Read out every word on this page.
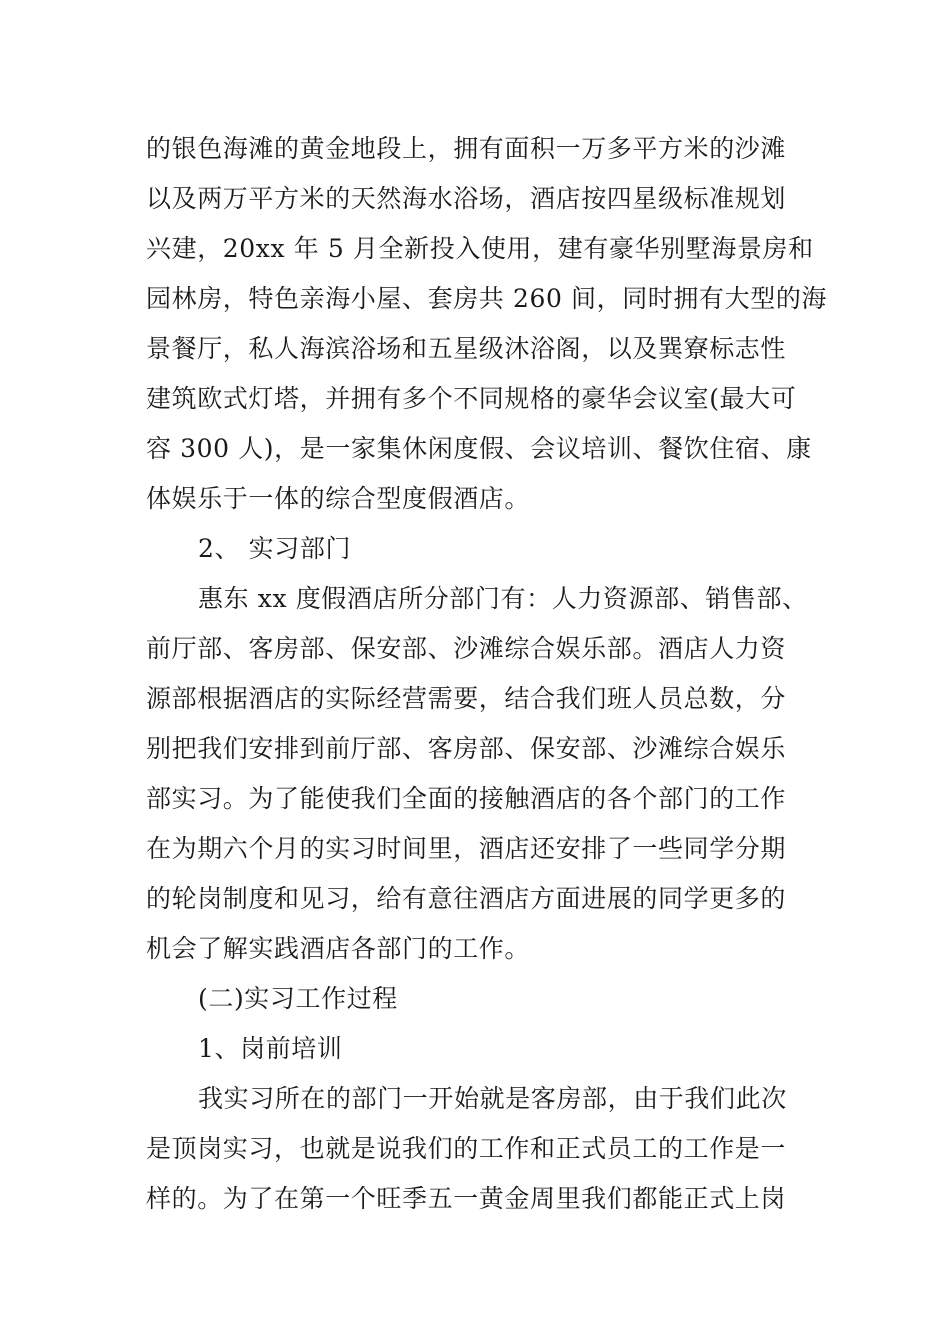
的银色海滩的黄金地段上，拥有面积一万多平方米的沙滩
以及两万平方米的天然海水浴场，酒店按四星级标准规划
兴建，20xx 年 5 月全新投入使用，建有豪华别墅海景房和
园林房，特色亲海小屋、套房共 260 间，同时拥有大型的海
景餐厅，私人海滨浴场和五星级沐浴阁，以及巽寮标志性
建筑欧式灯塔，并拥有多个不同规格的豪华会议室(最大可
容 300 人)，是一家集休闲度假、会议培训、餐饮住宿、康
体娱乐于一体的综合型度假酒店。
2、 实习部门
惠东 xx 度假酒店所分部门有：人力资源部、销售部、
前厅部、客房部、保安部、沙滩综合娱乐部。酒店人力资
源部根据酒店的实际经营需要，结合我们班人员总数，分
别把我们安排到前厅部、客房部、保安部、沙滩综合娱乐
部实习。为了能使我们全面的接触酒店的各个部门的工作
在为期六个月的实习时间里，酒店还安排了一些同学分期
的轮岗制度和见习，给有意往酒店方面进展的同学更多的
机会了解实践酒店各部门的工作。
(二)实习工作过程
1、岗前培训
我实习所在的部门一开始就是客房部，由于我们此次
是顶岗实习，也就是说我们的工作和正式员工的工作是一
样的。为了在第一个旺季五一黄金周里我们都能正式上岗
